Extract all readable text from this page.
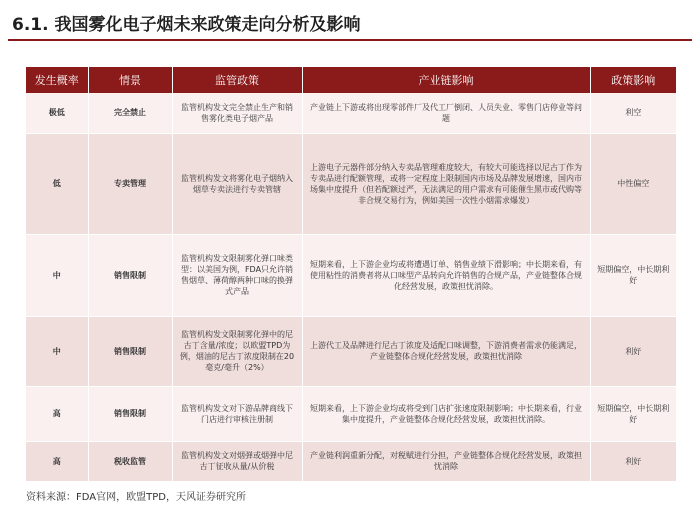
6.1. 我国雾化电子烟未来政策走向分析及影响
发生概率	情景	监管政策	产业链影响	政策影响
极低	完全禁止	监管机构发文完全禁止生产和销售雾化类电子烟产品	产业链上下游或将出现零部件厂及代工厂倒闭、人员失业、零售门店停业等问题	利空
低	专卖管理	监管机构发文将雾化电子烟纳入烟草专卖法进行专卖管辖	上游电子元器件部分纳入专卖品管理难度较大，有较大可能选择以尼古丁作为专卖品进行配额管理，或将一定程度上限制国内市场及品牌发展增速，国内市场集中度提升（但若配额过严，无法满足的用户需求有可能催生黑市或代购等非合规交易行为，例如美国一次性小烟需求爆发）	中性偏空
中	销售限制	监管机构发文限制雾化弹口味类型：以美国为例，FDA只允许销售烟草、薄荷醇两种口味的换弹式产品	短期来看，上下游企业均或将遭遇订单、销售业绩下滑影响；中长期来看，有使用粘性的消费者将从口味型产品转向允许销售的合规产品，产业链整体合规化经营发展，政策担忧消除。	短期偏空，中长期利好
中	销售限制	监管机构发文限制雾化弹中的尼古丁含量/浓度；以欧盟TPD为例，烟油的尼古丁浓度限制在20毫克/毫升（2%）	上游代工及品牌进行尼古丁浓度及适配口味调整，下游消费者需求仍能满足，产业链整体合规化经营发展，政策担忧消除	利好
高	销售限制	监管机构发文对下游品牌商线下门店进行审核注册制	短期来看，上下游企业均或将受到门店扩张速度限制影响；中长期来看，行业集中度提升，产业链整体合规化经营发展，政策担忧消除。	短期偏空，中长期利好
高	税收监管	监管机构发文对烟弹或烟弹中尼古丁征收从量/从价税	产业链利润重新分配，对税赋进行分担，产业链整体合规化经营发展，政策担忧消除	利好
资料来源：FDA官网，欧盟TPD，天风证券研究所
